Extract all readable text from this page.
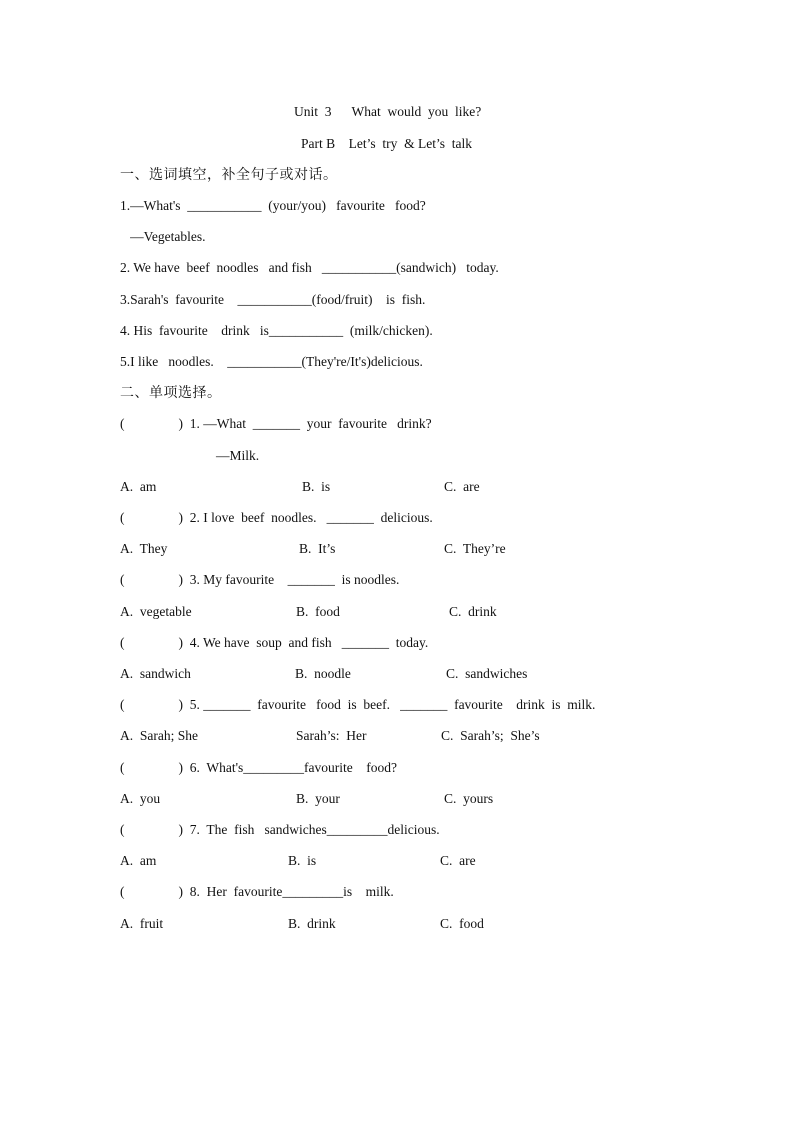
Unit  3      What  would  you  like?
Part B    Let’s  try  & Let’s  talk
一、选词填空，补全句子或对话。
1.—What's  ___________  (your/you)   favourite   food?
—Vegetables.
2. We have  beef  noodles   and fish   ___________(sandwich)   today.
3.Sarah's  favourite    ___________(food/fruit)    is  fish.
4. His  favourite    drink   is___________  (milk/chicken).
5.I like   noodles.    ___________(They're/It's)delicious.
二、单项选择。
(                )  1. —What  _______  your  favourite   drink?
—Milk.
A.  am	B.  is	C.  are
(                )  2. I love  beef  noodles.   _______  delicious.
A.  They	B.  It’s	C.  They’re
(                )  3. My favourite    _______  is noodles.
A.  vegetable	B.  food	C.  drink
(                )  4. We have  soup  and fish   _______  today.
A.  sandwich	B.  noodle	C.  sandwiches
(                )  5. _______  favourite   food  is  beef.   _______  favourite    drink  is  milk.
A.  Sarah; She	Sarah’s:  Her	C.  Sarah’s;  She’s
(                )  6.  What's_________favourite    food?
A.  you	B.  your	C.  yours
(                )  7.  The  fish   sandwiches_________delicious.
A.  am	B.  is	C.  are
(                )  8.  Her  favourite_________is    milk.
A.  fruit	B.  drink	C.  food
